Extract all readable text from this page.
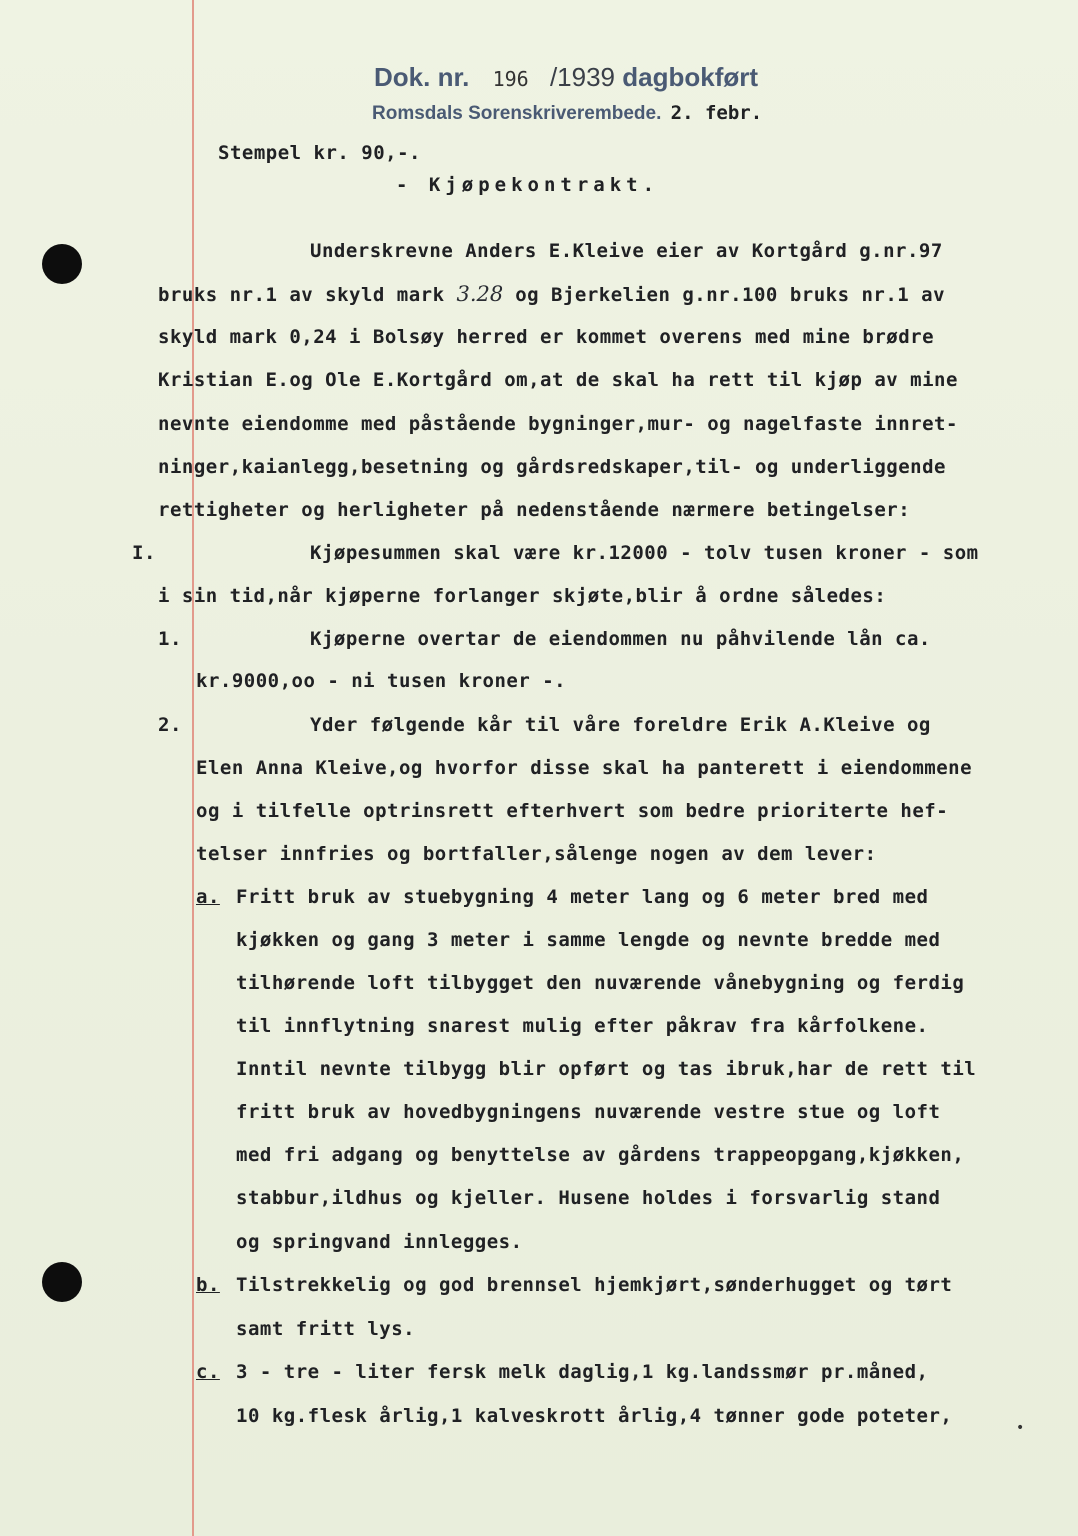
Dok. nr. 196 /1939 dagbokført
Romsdals Sorenskriverembede. 2. febr.
Stempel kr. 90,-.
- Kjøpekontrakt.
Underskrevne Anders E.Kleive eier av Kortgård g.nr.97
bruks nr.1 av skyld mark 3.28 og Bjerkelien g.nr.100 bruks nr.1 av
skyld mark 0,24 i Bolsøy herred er kommet overens med mine brødre
Kristian E.og Ole E.Kortgård om,at de skal ha rett til kjøp av mine
nevnte eiendomme med påstående bygninger,mur- og nagelfaste innret-
ninger,kaianlegg,besetning og gårdsredskaper,til- og underliggende
rettigheter og herligheter på nedenstående nærmere betingelser:
I.	Kjøpesummen skal være kr.12000 - tolv tusen kroner - som
i sin tid,når kjøperne forlanger skjøte,blir å ordne således:
1.	Kjøperne overtar de eiendommen nu påhvilende lån ca.
kr.9000,oo - ni tusen kroner -.
2.	Yder følgende kår til våre foreldre Erik A.Kleive og
Elen Anna Kleive,og hvorfor disse skal ha panterett i eiendommene
og i tilfelle optrinsrett efterhvert som bedre prioriterte hef-
telser innfries og bortfaller,sålenge nogen av dem lever:
a. Fritt bruk av stuebygning 4 meter lang og 6 meter bred med
kjøkken og gang 3 meter i samme lengde og nevnte bredde med
tilhørende loft tilbygget den nuværende vånebygning og ferdig
til innflytning snarest mulig efter påkrav fra kårfolkene.
Inntil nevnte tilbygg blir opført og tas ibruk,har de rett til
fritt bruk av hovedbygningens nuværende vestre stue og loft
med fri adgang og benyttelse av gårdens trappeopgang,kjøkken,
stabbur,ildhus og kjeller. Husene holdes i forsvarlig stand
og springvand innlegges.
b. Tilstrekkelig og god brennsel hjemkjørt,sønderhugget og tørt
samt fritt lys.
c. 3 - tre - liter fersk melk daglig,1 kg.landssmør pr.måned,
10 kg.flesk årlig,1 kalveskrott årlig,4 tønner gode poteter,
•
